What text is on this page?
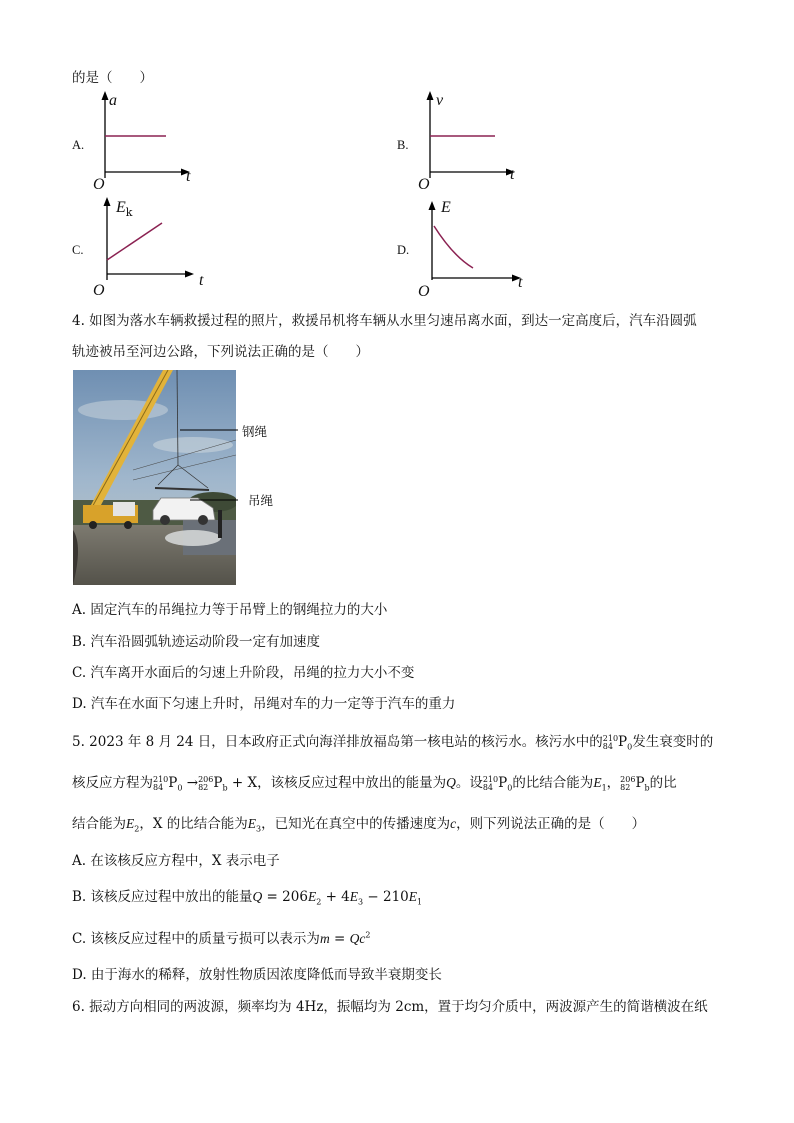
的是（　　）
A.
a
t
O
B.
v
t
O
C.
$E_k$
t
O
D.
E
t
O
4. 如图为落水车辆救援过程的照片，救援吊机将车辆从水里匀速吊离水面，到达一定高度后，汽车沿圆弧
轨迹被吊至河边公路，下列说法正确的是（　　）
钢绳
吊绳
A. 固定汽车的吊绳拉力等于吊臂上的钢绳拉力的大小
B. 汽车沿圆弧轨迹运动阶段一定有加速度
C. 汽车离开水面后的匀速上升阶段，吊绳的拉力大小不变
D. 汽车在水面下匀速上升时，吊绳对车的力一定等于汽车的重力
5. 2023 年 8 月 24 日，日本政府正式向海洋排放福岛第一核电站的核污水。核污水中的 210
84 $P_0$发生衰变时的
核反应方程为 210
84 $P_0 \to 206$
82 $P_b + X$，该核反应过程中放出的能量为Q。设 210
84 $P_0$的比结合能为$E_1$， 206
82 $P_b$的比
结合能为$E_2$，X 的比结合能为$E_3$，已知光在真空中的传播速度为c，则下列说法正确的是（　　）
A. 在该核反应方程中，X 表示电子
B. 该核反应过程中放出的能量$Q = 206E_2 + 4E_3 - 210E_1$
C. 该核反应过程中的质量亏损可以表示为$m = Qc^2$
D. 由于海水的稀释，放射性物质因浓度降低而导致半衰期变长
6. 振动方向相同的两波源，频率均为 4Hz，振幅均为 2cm，置于均匀介质中，两波源产生的简谐横波在纸
